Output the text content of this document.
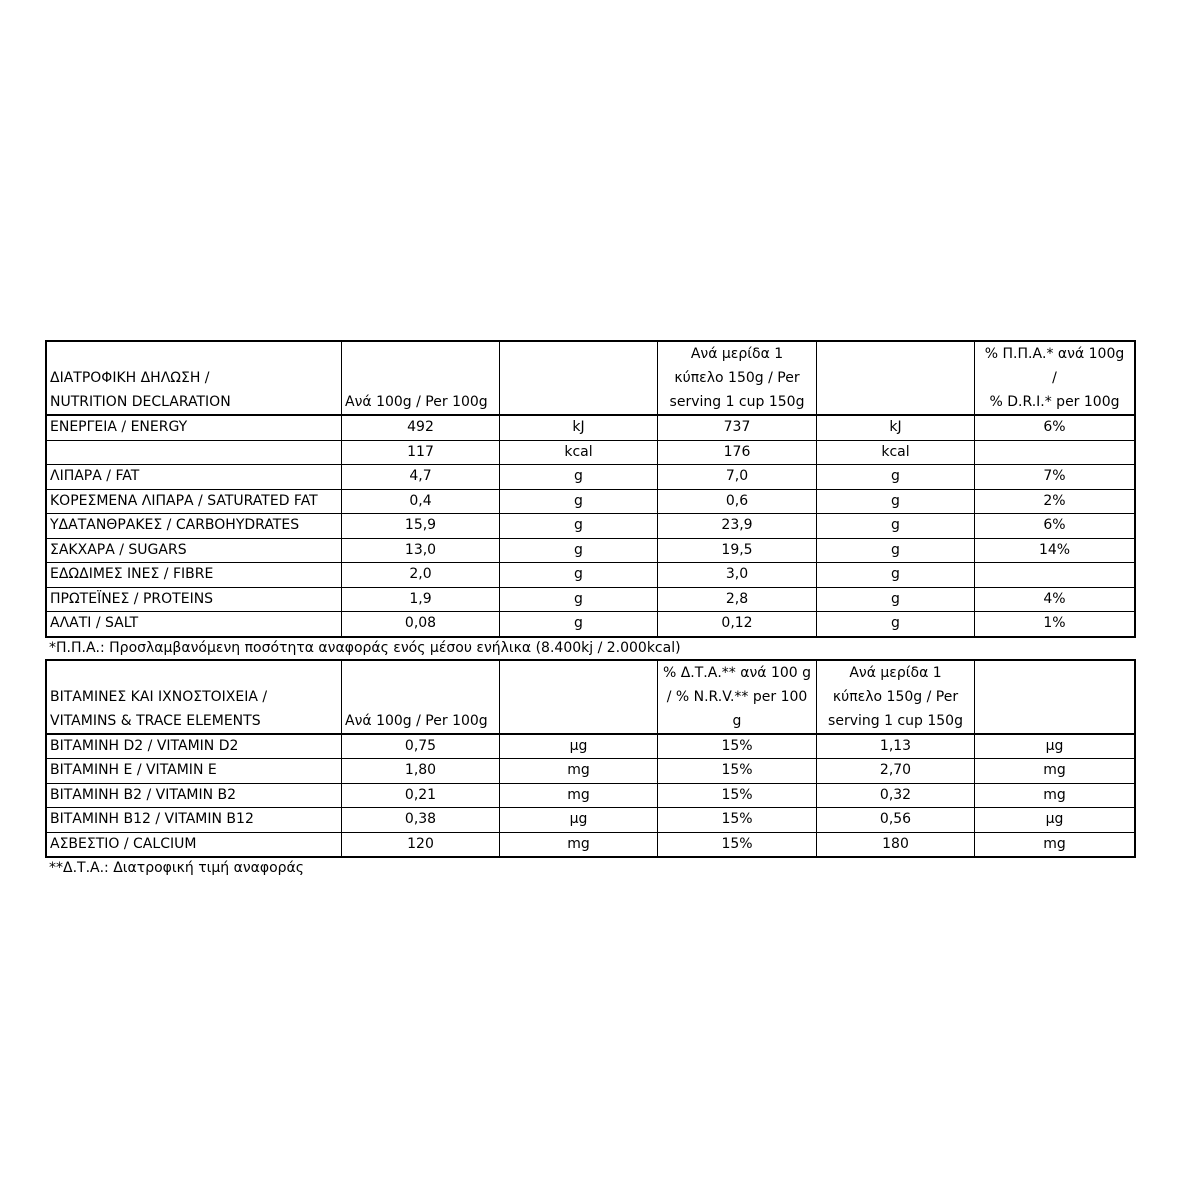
ΔΙΑΤΡΟΦΙΚΗ ΔΗΛΩΣΗ /
NUTRITION DECLARATION	Ανά 100g / Per 100g		Ανά μερίδα 1
κύπελο 150g / Per
serving 1 cup 150g		% Π.Π.Α.* ανά 100g
/
% D.R.I.* per 100g

ΕΝΕΡΓΕΙΑ / ENERGY	492	kJ	737	kJ	6%
	117	kcal	176	kcal	
ΛΙΠΑΡΑ / FAT	4,7	g	7,0	g	7%
ΚΟΡΕΣΜΕΝΑ ΛΙΠΑΡΑ / SATURATED FAT	0,4	g	0,6	g	2%
ΥΔΑΤΑΝΘΡΑΚΕΣ / CARBOHYDRATES	15,9	g	23,9	g	6%
ΣΑΚΧΑΡΑ / SUGARS	13,0	g	19,5	g	14%
ΕΔΩΔΙΜΕΣ ΙΝΕΣ / FIBRE	2,0	g	3,0	g	
ΠΡΩΤΕΪΝΕΣ / PROTEINS	1,9	g	2,8	g	4%
ΑΛΑΤΙ / SALT	0,08	g	0,12	g	1%
*Π.Π.Α.: Προσλαμβανόμενη ποσότητα αναφοράς ενός μέσου ενήλικα (8.400kj / 2.000kcal)
ΒΙΤΑΜΙΝΕΣ ΚΑΙ ΙΧΝΟΣΤΟΙΧΕΙΑ /
VITAMINS & TRACE ELEMENTS	Ανά 100g / Per 100g		% Δ.Τ.Α.** ανά 100 g
/ % N.R.V.** per 100
g	Ανά μερίδα 1
κύπελο 150g / Per
serving 1 cup 150g	

ΒΙΤΑΜΙΝΗ D2 / VITAMIN D2	0,75	μg	15%	1,13	μg
ΒΙΤΑΜΙΝΗ Ε / VITAMIN E	1,80	mg	15%	2,70	mg
ΒΙΤΑΜΙΝΗ Β2 / VITAMIN B2	0,21	mg	15%	0,32	mg
ΒΙΤΑΜΙΝΗ Β12 / VITAMIN B12	0,38	μg	15%	0,56	μg
ΑΣΒΕΣΤΙΟ / CALCIUM	120	mg	15%	180	mg
**Δ.Τ.Α.: Διατροφική τιμή αναφοράς
